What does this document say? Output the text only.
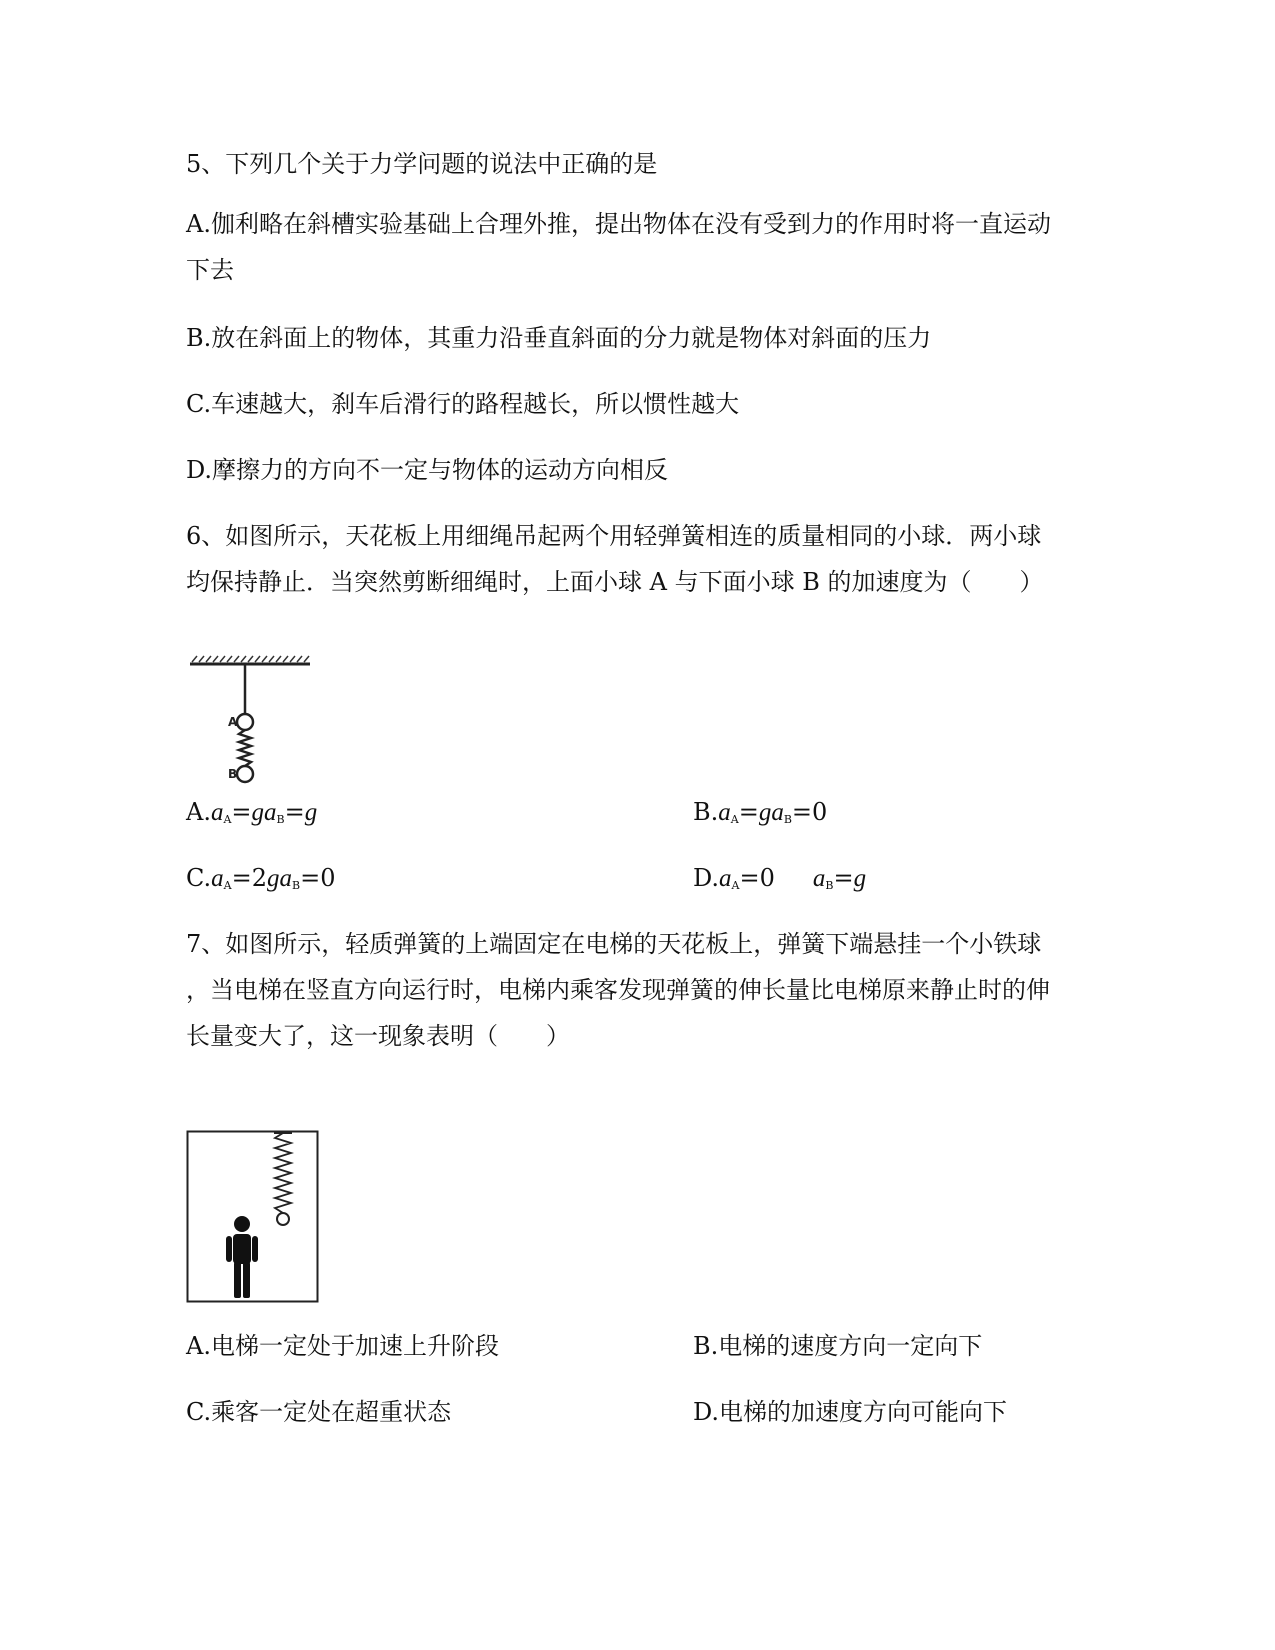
5、下列几个关于力学问题的说法中正确的是
A.伽利略在斜槽实验基础上合理外推，提出物体在没有受到力的作用时将一直运动
下去
B.放在斜面上的物体，其重力沿垂直斜面的分力就是物体对斜面的压力
C.车速越大，刹车后滑行的路程越长，所以惯性越大
D.摩擦力的方向不一定与物体的运动方向相反
6、如图所示，天花板上用细绳吊起两个用轻弹簧相连的质量相同的小球．两小球
均保持静止．当突然剪断细绳时，上面小球 A 与下面小球 B 的加速度为（　　）
A
B
$A.a_A=ga_B=g$	$B.a_A=ga_B=0$
$C.a_A=2ga_B=0$	$D.a_A=0$ $a_B=g$
7、如图所示，轻质弹簧的上端固定在电梯的天花板上，弹簧下端悬挂一个小铁球
，当电梯在竖直方向运行时，电梯内乘客发现弹簧的伸长量比电梯原来静止时的伸
长量变大了，这一现象表明（　　）
A.电梯一定处于加速上升阶段	B.电梯的速度方向一定向下
C.乘客一定处在超重状态	D.电梯的加速度方向可能向下
